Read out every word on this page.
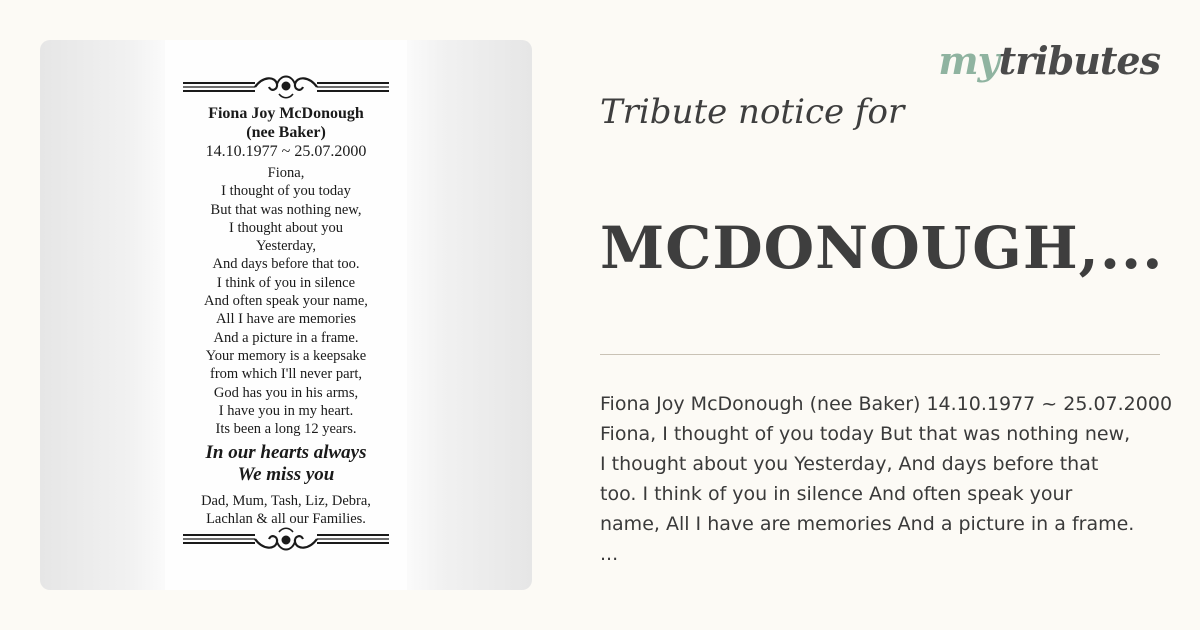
Fiona Joy McDonough
(nee Baker)
14.10.1977 ~ 25.07.2000
Fiona,
I thought of you today
But that was nothing new,
I thought about you
Yesterday,
And days before that too.
I think of you in silence
And often speak your name,
All I have are memories
And a picture in a frame.
Your memory is a keepsake
from which I'll never part,
God has you in his arms,
I have you in my heart.
Its been a long 12 years.
In our hearts always
We miss you
Dad, Mum, Tash, Liz, Debra,
Lachlan & all our Families.
mytributes
Tribute notice for
MCDONOUGH,...
Fiona Joy McDonough (nee Baker) 14.10.1977 ~ 25.07.2000
Fiona, I thought of you today But that was nothing new,
I thought about you Yesterday, And days before that
too. I think of you in silence And often speak your
name, All I have are memories And a picture in a frame.
...
